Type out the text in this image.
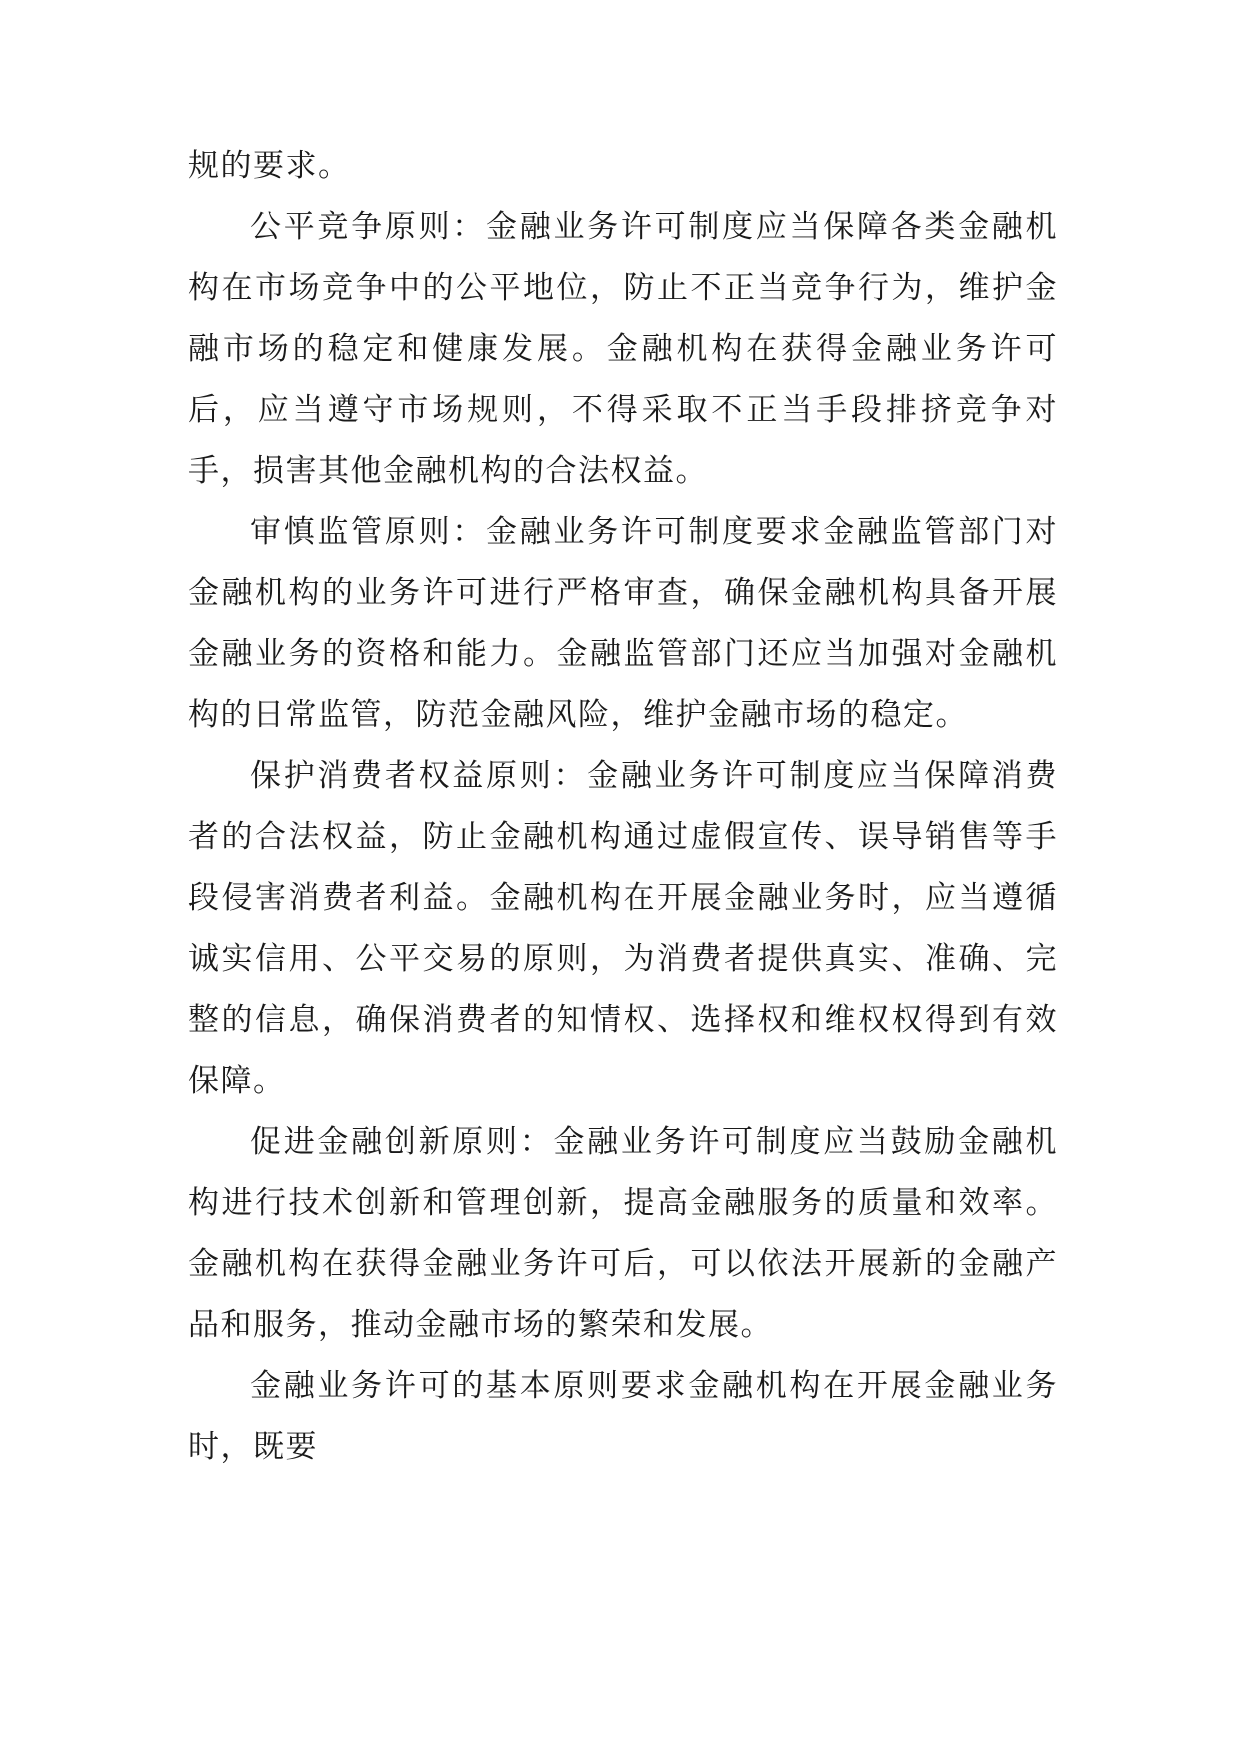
规的要求。

公平竞争原则：金融业务许可制度应当保障各类金融机构在市场竞争中的公平地位，防止不正当竞争行为，维护金融市场的稳定和健康发展。金融机构在获得金融业务许可后，应当遵守市场规则，不得采取不正当手段排挤竞争对手，损害其他金融机构的合法权益。

审慎监管原则：金融业务许可制度要求金融监管部门对金融机构的业务许可进行严格审查，确保金融机构具备开展金融业务的资格和能力。金融监管部门还应当加强对金融机构的日常监管，防范金融风险，维护金融市场的稳定。

保护消费者权益原则：金融业务许可制度应当保障消费者的合法权益，防止金融机构通过虚假宣传、误导销售等手段侵害消费者利益。金融机构在开展金融业务时，应当遵循诚实信用、公平交易的原则，为消费者提供真实、准确、完整的信息，确保消费者的知情权、选择权和维权权得到有效保障。

促进金融创新原则：金融业务许可制度应当鼓励金融机构进行技术创新和管理创新，提高金融服务的质量和效率。金融机构在获得金融业务许可后，可以依法开展新的金融产品和服务，推动金融市场的繁荣和发展。

金融业务许可的基本原则要求金融机构在开展金融业务时，既要
